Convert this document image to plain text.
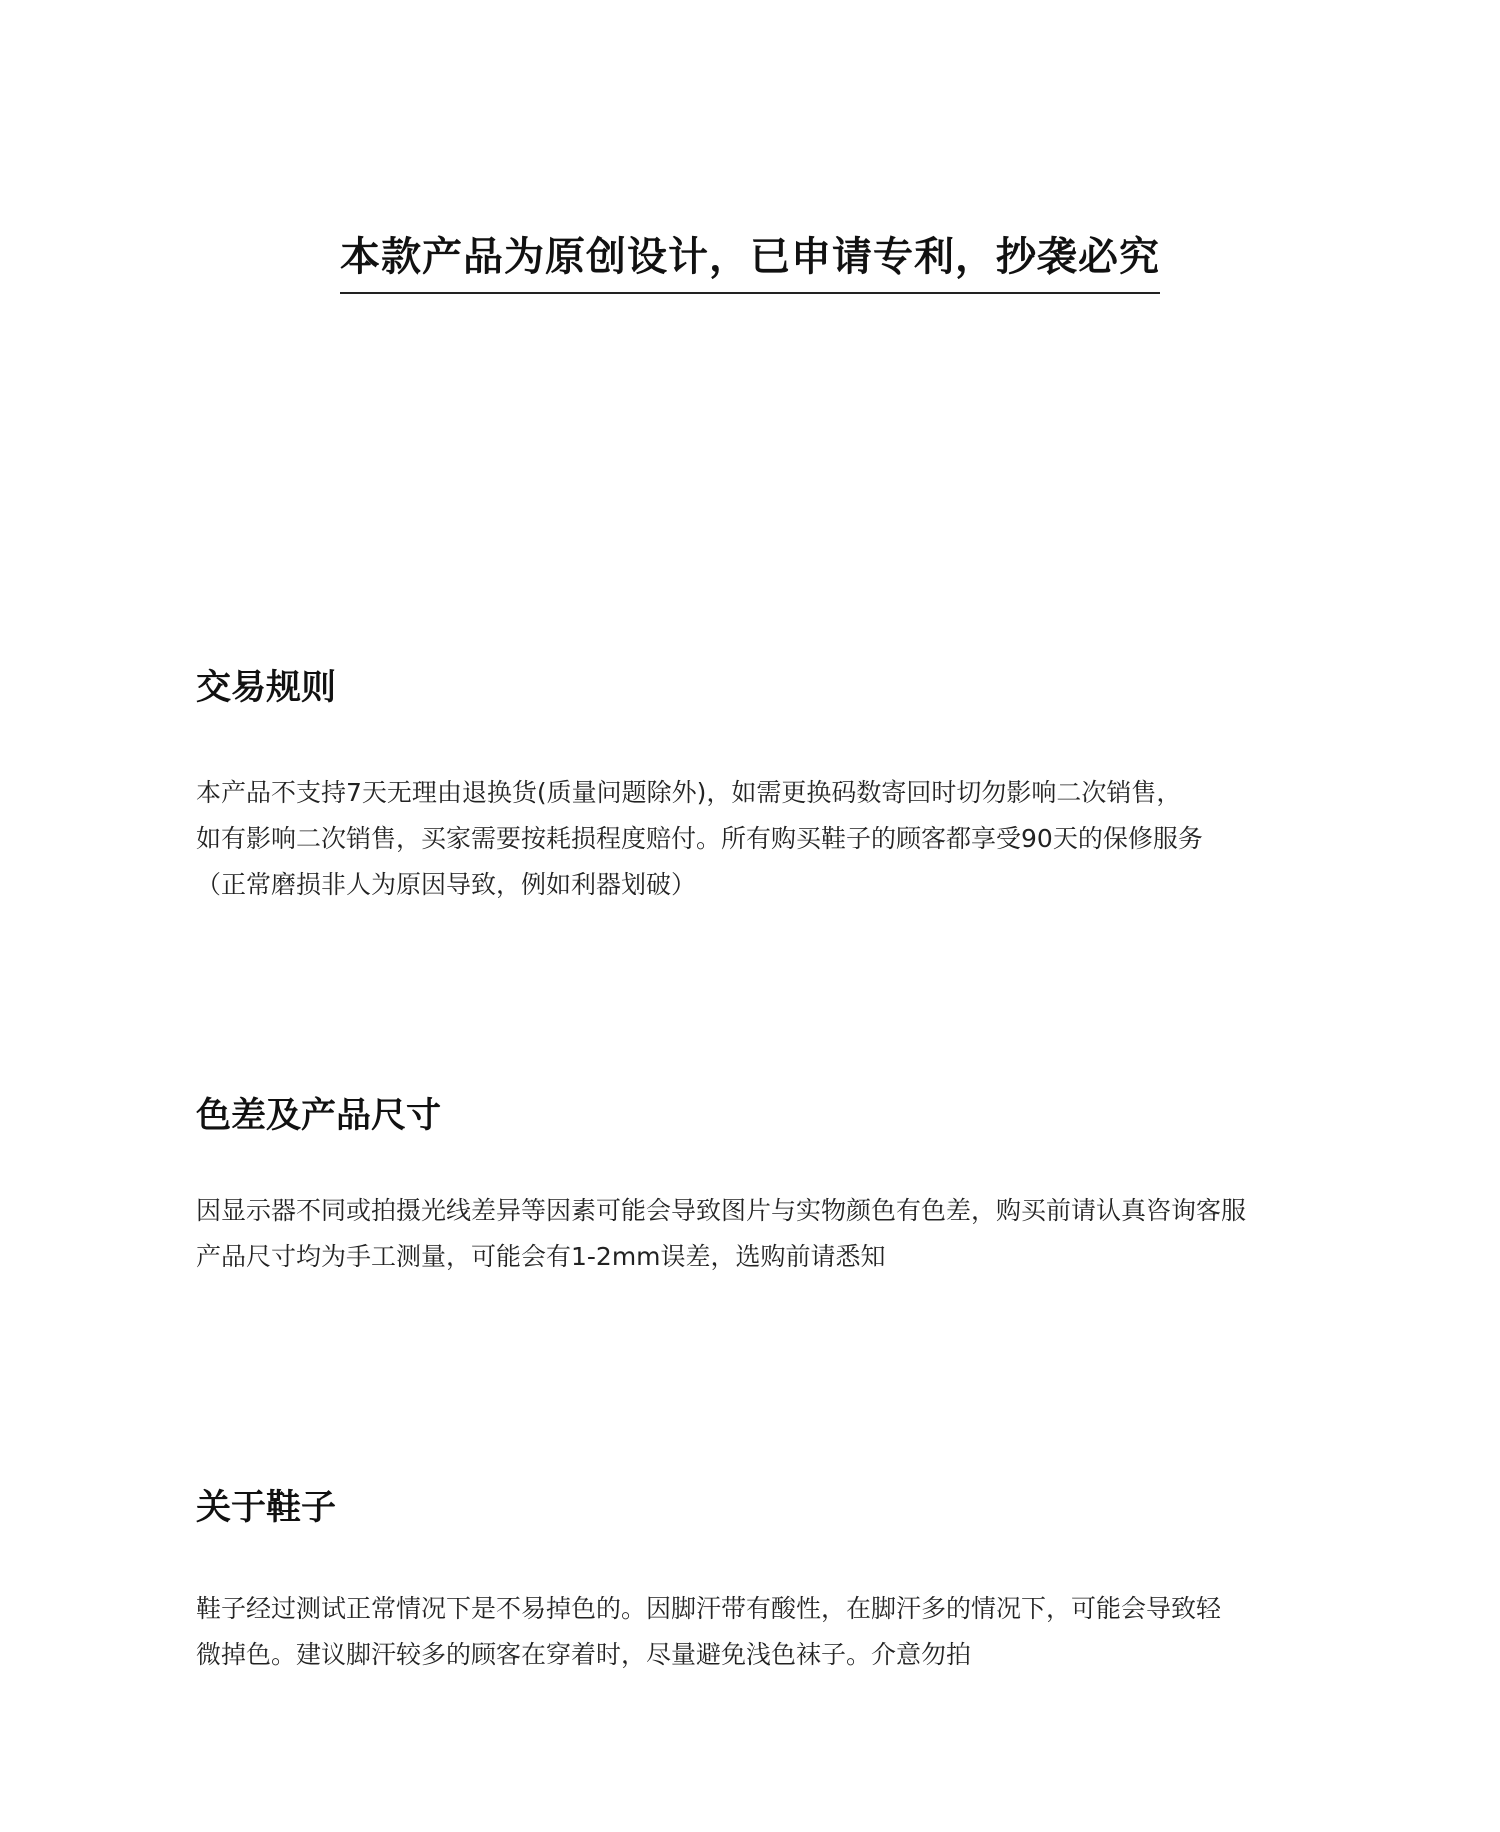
本款产品为原创设计，已申请专利，抄袭必究
交易规则

本产品不支持7天无理由退换货(质量问题除外)，如需更换码数寄回时切勿影响二次销售，
如有影响二次销售，买家需要按耗损程度赔付。所有购买鞋子的顾客都享受90天的保修服务
（正常磨损非人为原因导致，例如利器划破）

色差及产品尺寸

因显示器不同或拍摄光线差异等因素可能会导致图片与实物颜色有色差，购买前请认真咨询客服
产品尺寸均为手工测量，可能会有1-2mm误差，选购前请悉知

关于鞋子

鞋子经过测试正常情况下是不易掉色的。因脚汗带有酸性，在脚汗多的情况下，可能会导致轻
微掉色。建议脚汗较多的顾客在穿着时，尽量避免浅色袜子。介意勿拍
